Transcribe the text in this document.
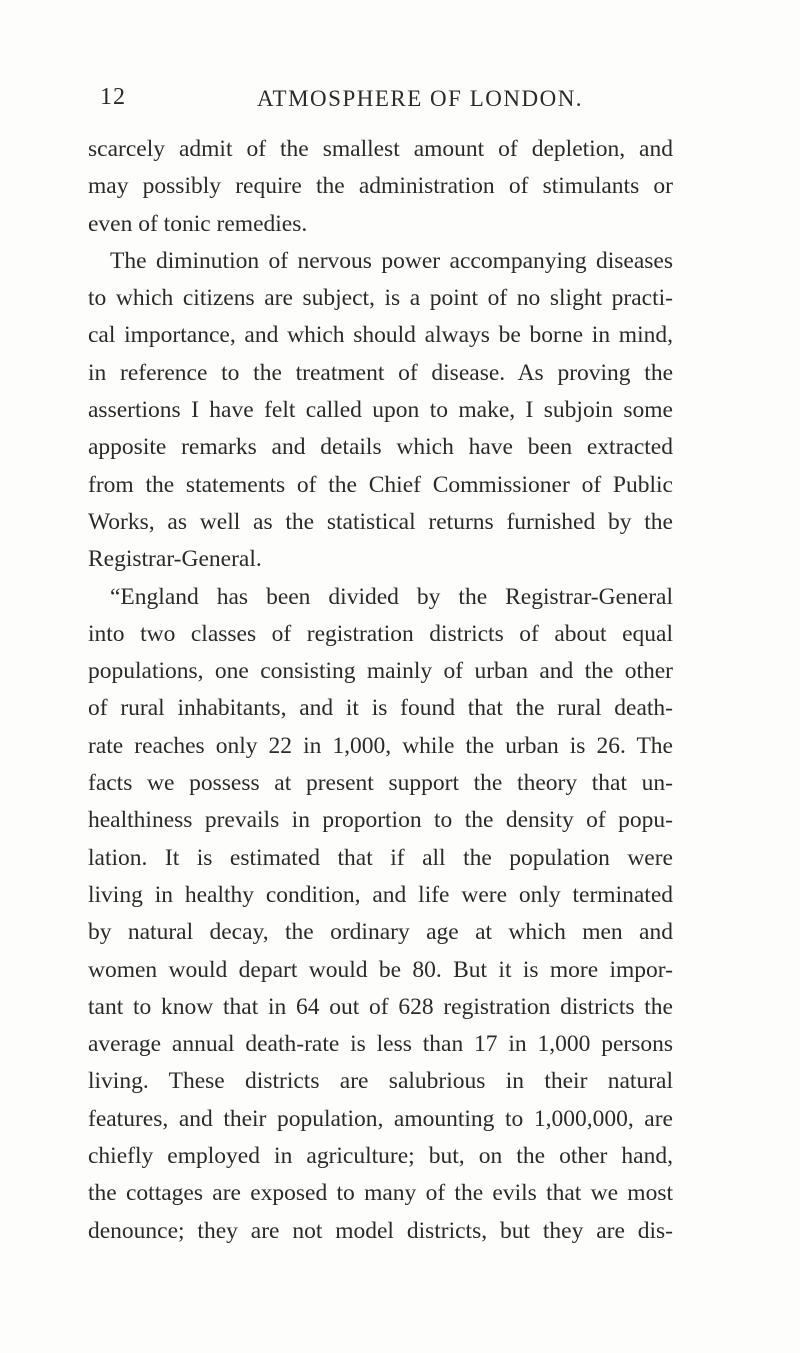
12	ATMOSPHERE OF LONDON.
scarcely admit of the smallest amount of depletion, and
may possibly require the administration of stimulants or
even of tonic remedies.
The diminution of nervous power accompanying diseases
to which citizens are subject, is a point of no slight practi-
cal importance, and which should always be borne in mind,
in reference to the treatment of disease. As proving the
assertions I have felt called upon to make, I subjoin some
apposite remarks and details which have been extracted
from the statements of the Chief Commissioner of Public
Works, as well as the statistical returns furnished by the
Registrar-General.
“England has been divided by the Registrar-General
into two classes of registration districts of about equal
populations, one consisting mainly of urban and the other
of rural inhabitants, and it is found that the rural death-
rate reaches only 22 in 1,000, while the urban is 26. The
facts we possess at present support the theory that un-
healthiness prevails in proportion to the density of popu-
lation. It is estimated that if all the population were
living in healthy condition, and life were only terminated
by natural decay, the ordinary age at which men and
women would depart would be 80. But it is more impor-
tant to know that in 64 out of 628 registration districts the
average annual death-rate is less than 17 in 1,000 persons
living. These districts are salubrious in their natural
features, and their population, amounting to 1,000,000, are
chiefly employed in agriculture; but, on the other hand,
the cottages are exposed to many of the evils that we most
denounce; they are not model districts, but they are dis-
